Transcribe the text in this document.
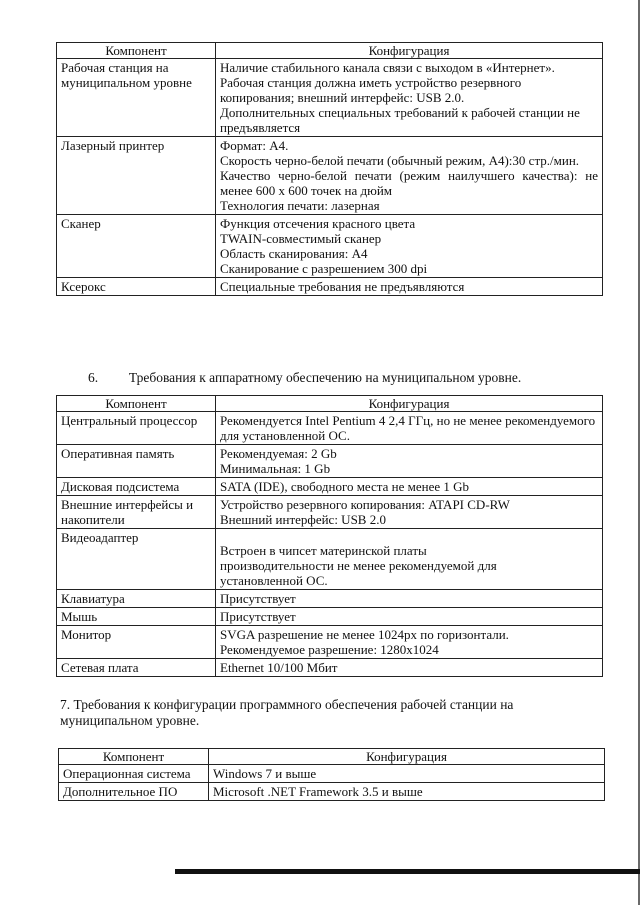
Компонент	Конфигурация
Рабочая станция на муниципальном уровне	Наличие стабильного канала связи с выходом в «Интернет».
Рабочая станция должна иметь устройство резервного копирования; внешний интерфейс: USB 2.0.
Дополнительных специальных требований к рабочей станции не предъявляется

Лазерный принтер	Формат: А4.
Скорость черно-белой печати (обычный режим, А4):30 стр./мин.
Качество черно-белой печати (режим наилучшего качества): не менее 600 x 600 точек на дюйм
Технология печати: лазерная

Сканер	Функция отсечения красного цвета
TWAIN-совместимый сканер
Область сканирования: А4
Сканирование с разрешением 300 dpi

Ксерокс	Специальные требования не предъявляются
6. Требования к аппаратному обеспечению на муниципальном уровне.
Компонент	Конфигурация
Центральный процессор	Рекомендуется Intel Pentium 4 2,4 ГГц, но не менее рекомендуемого для установленной ОС.

Оперативная память	Рекомендуемая: 2 Gb
Минимальная: 1 Gb

Дисковая подсистема	SATA (IDE), свободного места не менее 1 Gb

Внешние интерфейсы и накопители	Устройство резервного копирования: ATAPI CD-RW
Внешний интерфейс: USB 2.0

Видеоадаптер	Встроен в чипсет материнской платы производительности не менее рекомендуемой для установленной ОС.

Клавиатура	Присутствует

Мышь	Присутствует

Монитор	SVGA разрешение не менее 1024px по горизонтали.
Рекомендуемое разрешение: 1280x1024

Сетевая плата	Ethernet 10/100 Мбит
7. Требования к конфигурации программного обеспечения рабочей станции на муниципальном уровне.
Компонент	Конфигурация
Операционная система	Windows 7 и выше

Дополнительное ПО	Microsoft .NET Framework 3.5 и выше
